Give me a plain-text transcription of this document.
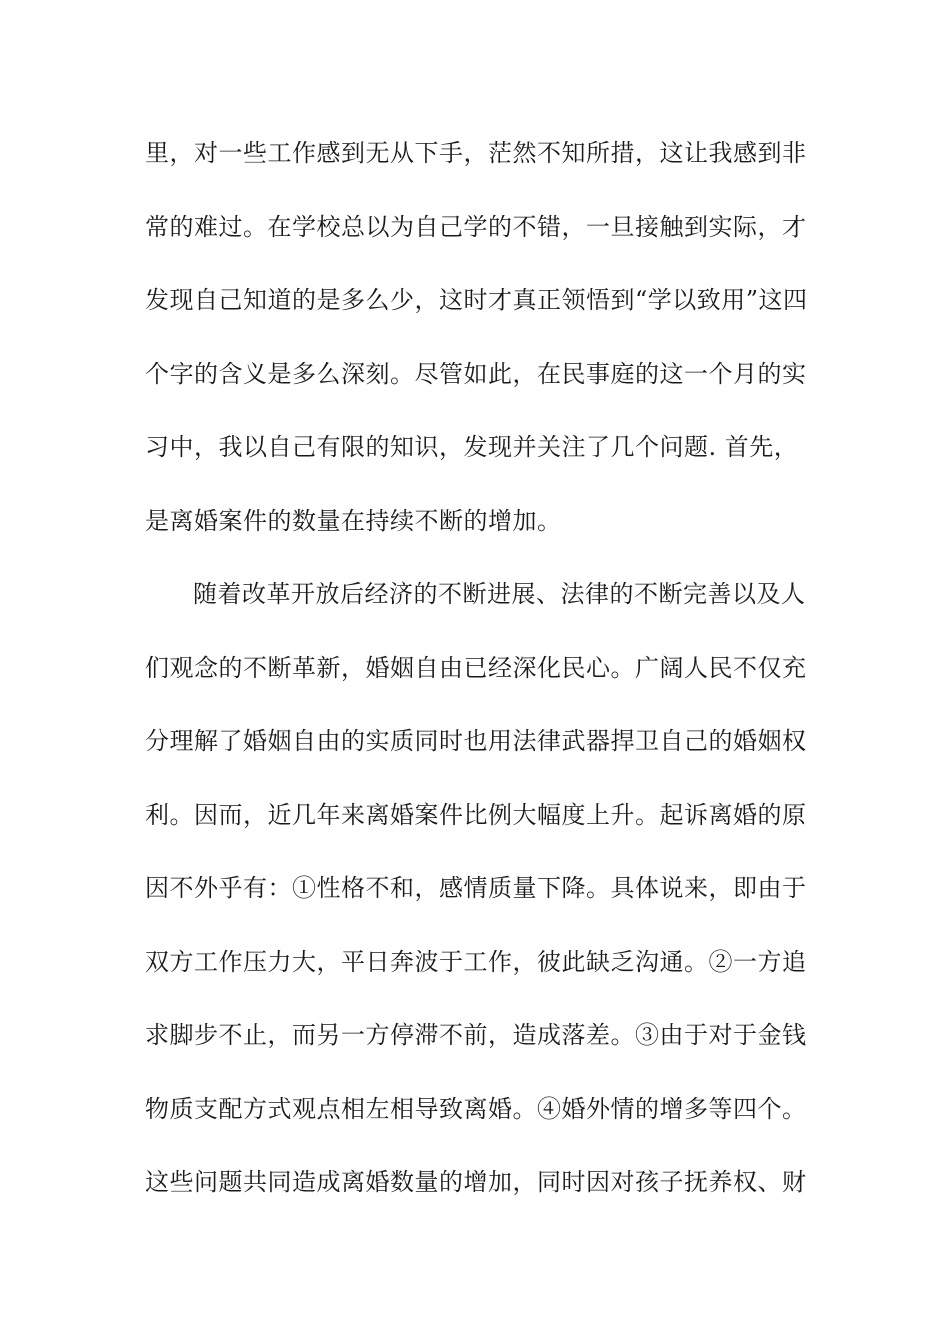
里，对一些工作感到无从下手，茫然不知所措，这让我感到非
常的难过。在学校总以为自己学的不错，一旦接触到实际，才
发现自己知道的是多么少，这时才真正领悟到“学以致用”这四
个字的含义是多么深刻。尽管如此，在民事庭的这一个月的实
习中，我以自己有限的知识，发现并关注了几个问题. 首先，
是离婚案件的数量在持续不断的增加。
随着改革开放后经济的不断进展、法律的不断完善以及人
们观念的不断革新，婚姻自由已经深化民心。广阔人民不仅充
分理解了婚姻自由的实质同时也用法律武器捍卫自己的婚姻权
利。因而，近几年来离婚案件比例大幅度上升。起诉离婚的原
因不外乎有：①性格不和，感情质量下降。具体说来，即由于
双方工作压力大，平日奔波于工作，彼此缺乏沟通。②一方追
求脚步不止，而另一方停滞不前，造成落差。③由于对于金钱
物质支配方式观点相左相导致离婚。④婚外情的增多等四个。
这些问题共同造成离婚数量的增加，同时因对孩子抚养权、财
